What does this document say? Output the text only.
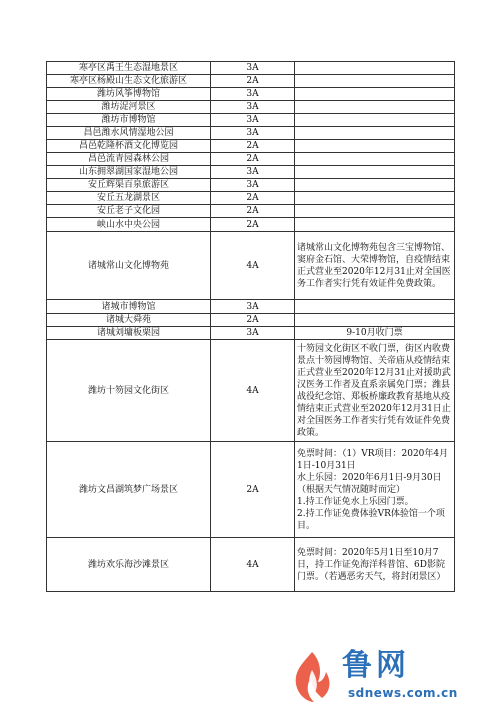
寒亭区禹王生态湿地景区	3A	
寒亭区杨殿山生态文化旅游区	2A	
潍坊风筝博物馆	3A	
潍坊浞河景区	3A	
潍坊市博物馆	3A	
昌邑潍水风情湿地公园	3A	
昌邑乾隆杯酒文化博览园	2A	
昌邑流青园森林公园	2A	
山东拥翠湖国家湿地公园	3A	
安丘辉渠百泉旅游区	3A	
安丘五龙湖景区	2A	
安丘老子文化园	2A	
峡山水中央公园	2A	
诸城常山文化博物苑	4A	诸城常山文化博物苑包含三宝博物馆、窦府金石馆、大荣博物馆，自疫情结束正式营业至2020年12月31止对全国医务工作者实行凭有效证件免费政策。
诸城市博物馆	3A	
诸城大舜苑	2A	
诸城刘墉板栗园	3A	9-10月收门票
潍坊十笏园文化街区	4A	十笏园文化街区不收门票，街区内收费景点十笏园博物馆、关帝庙从疫情结束正式营业至2020年12月31止对援助武汉医务工作者及直系亲属免门票；潍县战役纪念馆、郑板桥廉政教育基地从疫情结束正式营业至2020年12月31日止对全国医务工作者实行凭有效证件免费政策。
潍坊文昌湖筑梦广场景区	2A	免票时间：（1）VR项目：2020年4月1日-10月31日
水上乐园：2020年6月1日-9月30日（根据天气情况随时而定）
1.持工作证免水上乐园门票。
2.持工作证免费体验VR体验馆一个项目。
潍坊欢乐海沙滩景区	4A	免票时间：2020年5月1日至10月7日，持工作证免海洋科普馆、6D影院门票。（若遇恶劣天气，将封闭景区）
鲁网
sdnews.com.cn
